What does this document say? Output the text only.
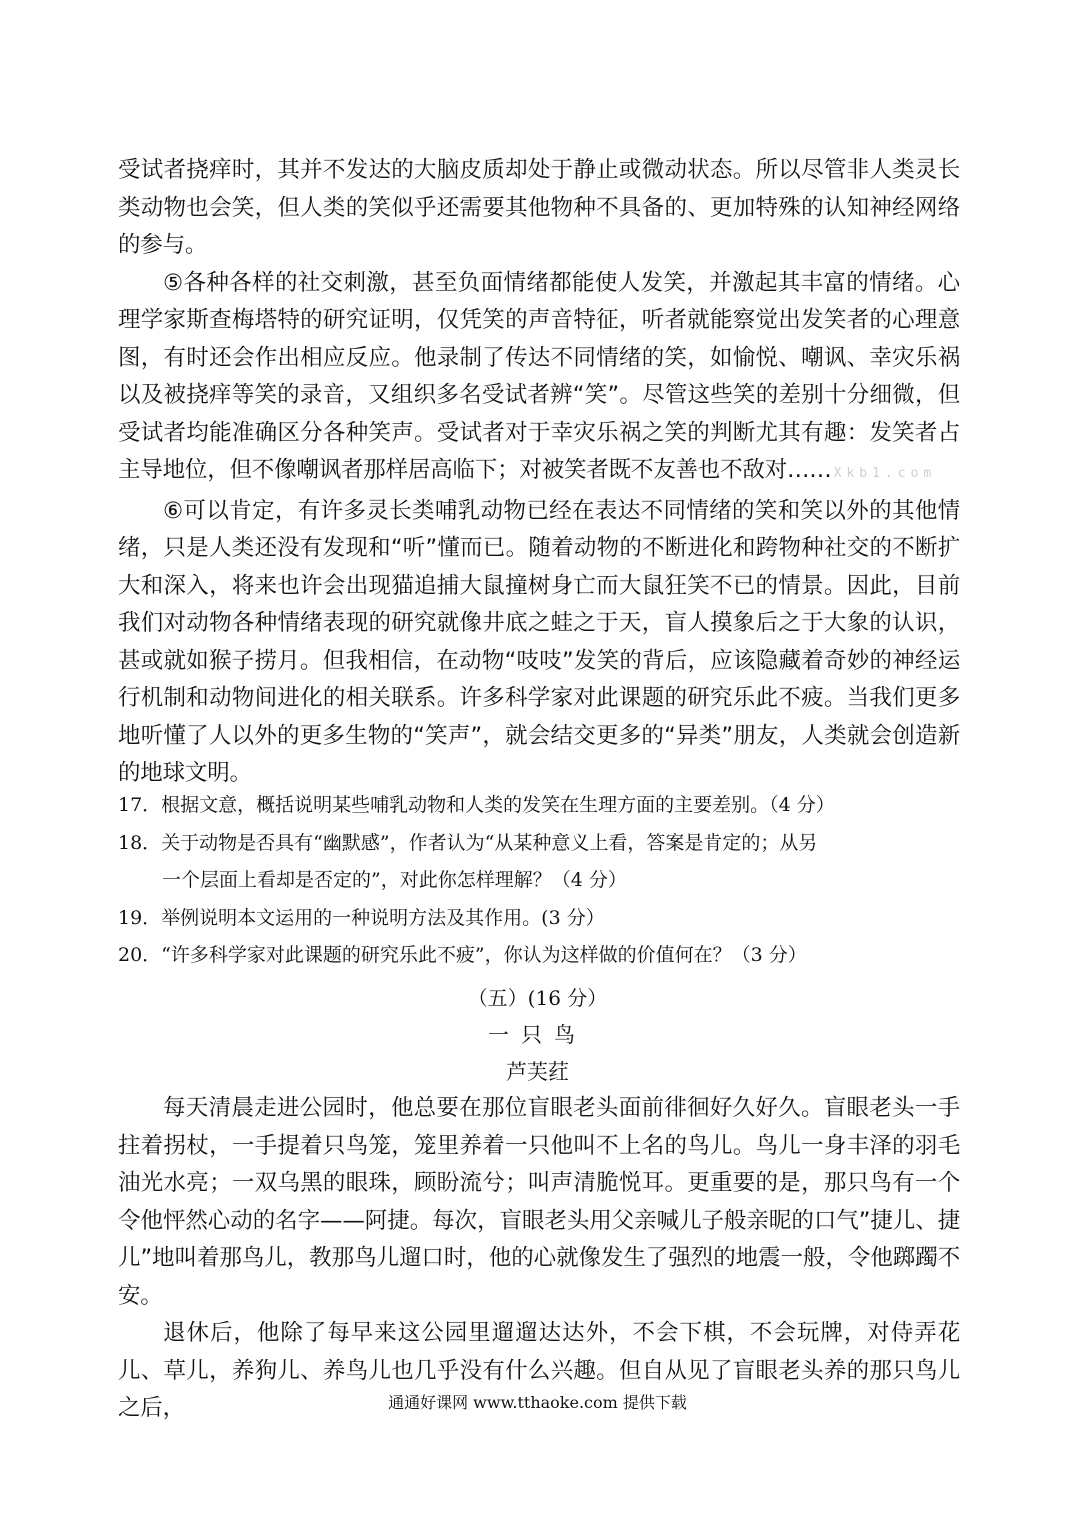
受试者挠痒时，其并不发达的大脑皮质却处于静止或微动状态。所以尽管非人类灵长类动物也会笑，但人类的笑似乎还需要其他物种不具备的、更加特殊的认知神经网络的参与。

⑤各种各样的社交刺激，甚至负面情绪都能使人发笑，并激起其丰富的情绪。心理学家斯查梅塔特的研究证明，仅凭笑的声音特征，听者就能察觉出发笑者的心理意图，有时还会作出相应反应。他录制了传达不同情绪的笑，如愉悦、嘲讽、幸灾乐祸以及被挠痒等笑的录音，又组织多名受试者辨“笑”。尽管这些笑的差别十分细微，但受试者均能准确区分各种笑声。受试者对于幸灾乐祸之笑的判断尤其有趣：发笑者占主导地位，但不像嘲讽者那样居高临下；对被笑者既不友善也不敌对…… Xkb1.com

⑥可以肯定，有许多灵长类哺乳动物已经在表达不同情绪的笑和笑以外的其他情绪，只是人类还没有发现和“听”懂而已。随着动物的不断进化和跨物种社交的不断扩大和深入，将来也许会出现猫追捕大鼠撞树身亡而大鼠狂笑不已的情景。因此，目前我们对动物各种情绪表现的研究就像井底之蛙之于天，盲人摸象后之于大象的认识，甚或就如猴子捞月。但我相信，在动物“吱吱”发笑的背后，应该隐藏着奇妙的神经运行机制和动物间进化的相关联系。许多科学家对此课题的研究乐此不疲。当我们更多地听懂了人以外的更多生物的“笑声”，就会结交更多的“异类”朋友，人类就会创造新的地球文明。

17．根据文意，概括说明某些哺乳动物和人类的发笑在生理方面的主要差别。（4 分）

18．关于动物是否具有“幽默感”，作者认为“从某种意义上看，答案是肯定的；从另

一个层面上看却是否定的”，对此你怎样理解？（4 分）

19．举例说明本文运用的一种说明方法及其作用。(3 分）

20．“许多科学家对此课题的研究乐此不疲”，你认为这样做的价值何在？（3 分）

（五）(16 分）
一只鸟
芦芙荭

每天清晨走进公园时，他总要在那位盲眼老头面前徘徊好久好久。盲眼老头一手拄着拐杖，一手提着只鸟笼，笼里养着一只他叫不上名的鸟儿。鸟儿一身丰泽的羽毛油光水亮；一双乌黑的眼珠，顾盼流兮；叫声清脆悦耳。更重要的是，那只鸟有一个令他怦然心动的名字——阿捷。每次，盲眼老头用父亲喊儿子般亲昵的口气”捷儿、捷儿”地叫着那鸟儿，教那鸟儿遛口时，他的心就像发生了强烈的地震一般，令他踯躅不安。

退休后，他除了每早来这公园里遛遛达达外，不会下棋，不会玩牌，对侍弄花儿、草儿，养狗儿、养鸟儿也几乎没有什么兴趣。但自从见了盲眼老头养的那只鸟儿之后，	通通好课网 www.tthaoke.com 提供下载
